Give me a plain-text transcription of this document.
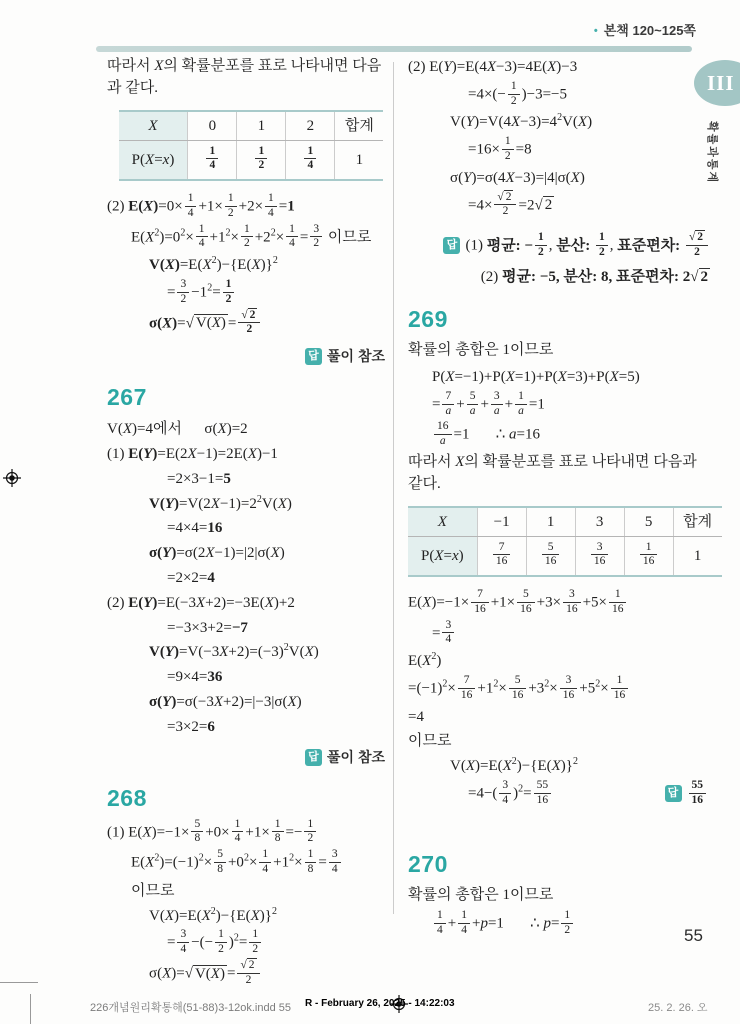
• 본책 120~125쪽
III
확률과통계
따라서 X의 확률분포를 표로 나타내면 다음과 같다.
X	0	1	2	합계
P(X=x)	$\frac{1}{4}$	$\frac{1}{2}$	$\frac{1}{4}$	1
(2) $E(X)=0\times \frac{1}{4} +1\times \frac{1}{2} +2\times \frac{1}{4} =1$
$E(X^2)=0^2\times \frac{1}{4} +1^2\times \frac{1}{2} +2^2\times \frac{1}{4} = \frac{3}{2}$ 이므로
$V(X)=E(X^2)-\{E(X)\}^2$
= $\frac{3}{2} -1^2= \frac{1}{2}$
σ(X)=√ $V(X) = \frac{√ 2}{2}$
답 풀이 참조
267
V(X)=4에서      σ(X)=2
(1) E(Y)=E(2X−1)=2E(X)−1
=2×3−1=5
$V(Y)=V(2X-1)=2^2V(X)$
=4×4=16
σ(Y)=σ(2X−1)=|2|σ(X)
=2×2=4
(2) E(Y)=E(−3X+2)=−3E(X)+2
=−3×3+2=−7
$V(Y)=V(-3X+2)=(-3)^2V(X)$
=9×4=36
σ(Y)=σ(−3X+2)=|−3|σ(X)
=3×2=6
답 풀이 참조
268
(1) $E(X)=-1\times \frac{5}{8} +0\times \frac{1}{4} +1\times \frac{1}{8} =- \frac{1}{2}$
$E(X^2)=(-1)^2\times \frac{5}{8} +0^2\times \frac{1}{4} +1^2\times \frac{1}{8} = \frac{3}{4}$
이므로
$V(X)=E(X^2)-\{E(X)\}^2$
= $\frac{3}{4}$ −(− $\frac{1}{2} )^2= \frac{1}{2}$
σ(X)=√ $V(X) = \frac{√ 2}{2}$
(2) E(Y)=E(4X−3)=4E(X)−3
$=4\times(- \frac{1}{2} )-3=-5$
$V(Y)=V(4X-3)=4^2V(X)$
$=16\times \frac{1}{2} =8$
σ(Y)=σ(4X−3)=|4|σ(X)
$=4\times \frac{√ 2}{2} =2√$ 2
답 (1) 평균: − $\frac{1}{2}$ , 분산: $\frac{1}{2}$ , 표준편차: $\frac{√ 2}{2}$
(2) 평균: −5, 분산: 8, 표준편차: 2√ 2
269
확률의 총합은 1이므로
P(X=−1)+P(X=1)+P(X=3)+P(X=5)
= $\frac{7}{a} + \frac{5}{a} + \frac{3}{a} + \frac{1}{a} =1$
$\frac{16}{a} =1$       ∴ a=16
따라서 X의 확률분포를 표로 나타내면 다음과 같다.
X	−1	1	3	5	합계
P(X=x)	$\frac{7}{16}$	$\frac{5}{16}$	$\frac{3}{16}$	$\frac{1}{16}$	1
$E(X)=-1\times \frac{7}{16} +1\times \frac{5}{16} +3\times \frac{3}{16} +5\times \frac{1}{16}$
= $\frac{3}{4}$
$E(X^2)$
$=(-1)^2\times \frac{7}{16} +1^2\times \frac{5}{16} +3^2\times \frac{3}{16} +5^2\times \frac{1}{16}$
=4
이므로
$V(X)=E(X^2)-\{E(X)\}^2$
$=4-( \frac{3}{4} )^2= \frac{55}{16}$	답 $\frac{55}{16}$
270
확률의 총합은 1이므로
$\frac{1}{4} + \frac{1}{4} +p=1$       ∴ $p= \frac{1}{2}$	55
226개념원리확통해(51-88)3-12ok.indd 55 R - February 26, 2025 - 14:22:03	25. 2. 26. 오
